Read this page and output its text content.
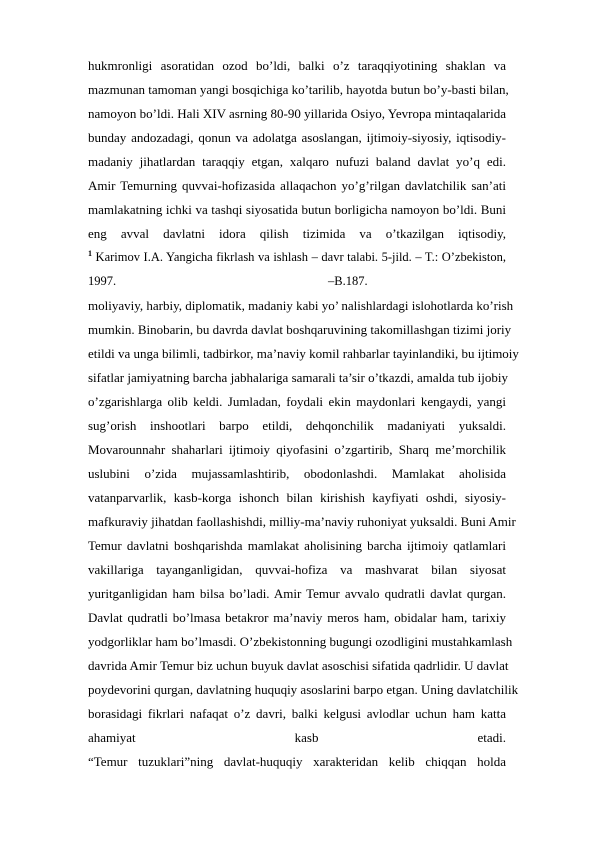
hukmronligi asoratidan ozod bo’ldi, balki o’z taraqqiyotining shaklan va
mazmunan tamoman yangi bosqichiga ko’tarilib, hayotda butun bo’y-basti bilan,
namoyon bo’ldi. Hali XIV asrning 80-90 yillarida Osiyo, Yevropa mintaqalarida
bunday andozadagi, qonun va adolatga asoslangan, ijtimoiy-siyosiy, iqtisodiy-
madaniy jihatlardan taraqqiy etgan, xalqaro nufuzi baland davlat yo’q edi.
Amir Temurning quvvai-hofizasida allaqachon yo’g’rilgan davlatchilik san’ati
mamlakatning ichki va tashqi siyosatida butun borligicha namoyon bo’ldi. Buni
eng avval davlatni idora qilish tizimida va o’tkazilgan iqtisodiy,
$^1$ Karimov I.A. Yangicha fikrlash va ishlash – davr talabi. 5-jild. – T.: O’zbekiston,
1997.	–B.187.
moliyaviy, harbiy, diplomatik, madaniy kabi yo’ nalishlardagi islohotlarda ko’rish
mumkin. Binobarin, bu davrda davlat boshqaruvining takomillashgan tizimi joriy
etildi va unga bilimli, tadbirkor, ma’naviy komil rahbarlar tayinlandiki, bu ijtimoiy
sifatlar jamiyatning barcha jabhalariga samarali ta’sir o’tkazdi, amalda tub ijobiy
o’zgarishlarga olib keldi. Jumladan, foydali ekin maydonlari kengaydi, yangi
sug’orish inshootlari barpo etildi, dehqonchilik madaniyati yuksaldi.
Movarounnahr shaharlari ijtimoiy qiyofasini o’zgartirib, Sharq me’morchilik
uslubini o’zida mujassamlashtirib, obodonlashdi. Mamlakat aholisida
vatanparvarlik, kasb-korga ishonch bilan kirishish kayfiyati oshdi, siyosiy-
mafkuraviy jihatdan faollashishdi, milliy-ma’naviy ruhoniyat yuksaldi. Buni Amir
Temur davlatni boshqarishda mamlakat aholisining barcha ijtimoiy qatlamlari
vakillariga tayanganligidan, quvvai-hofiza va mashvarat bilan siyosat
yuritganligidan ham bilsa bo’ladi. Amir Temur avvalo qudratli davlat qurgan.
Davlat qudratli bo’lmasa betakror ma’naviy meros ham, obidalar ham, tarixiy
yodgorliklar ham bo’lmasdi. O’zbekistonning bugungi ozodligini mustahkamlash
davrida Amir Temur biz uchun buyuk davlat asoschisi sifatida qadrlidir. U davlat
poydevorini qurgan, davlatning huquqiy asoslarini barpo etgan. Uning davlatchilik
borasidagi fikrlari nafaqat o’z davri, balki kelgusi avlodlar uchun ham katta
ahamiyat kasb etadi.
“Temur tuzuklari”ning davlat-huquqiy xarakteridan kelib chiqqan holda
